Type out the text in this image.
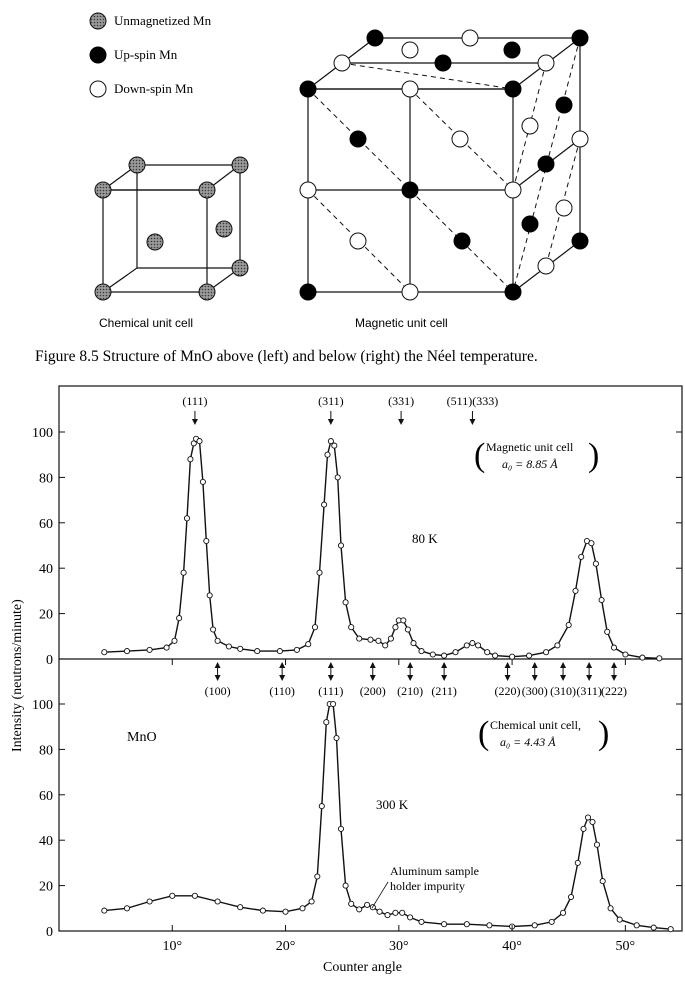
Unmagnetized Mn
Up-spin Mn
Down-spin Mn
Chemical unit cell	Magnetic unit cell
Figure 8.5 Structure of MnO above (left) and below (right) the Néel temperature.
0
20
40
60
80
100
(111)	(311)	(331)	(511)(333)
(100)	(110) (111) (200) (210) (211)	(220) (300) (310) (311) (222)
0
20
40
60
80
100
10°	20°	30°	40°	50°
80 K
( Magnetic unit cell
a₀ = 8.85 Å )
MnO
300 K
( Chemical unit cell,
a₀ = 4.43 Å )
Aluminum sample
holder impurity
Intensity (neutrons/minute)
Counter angle
